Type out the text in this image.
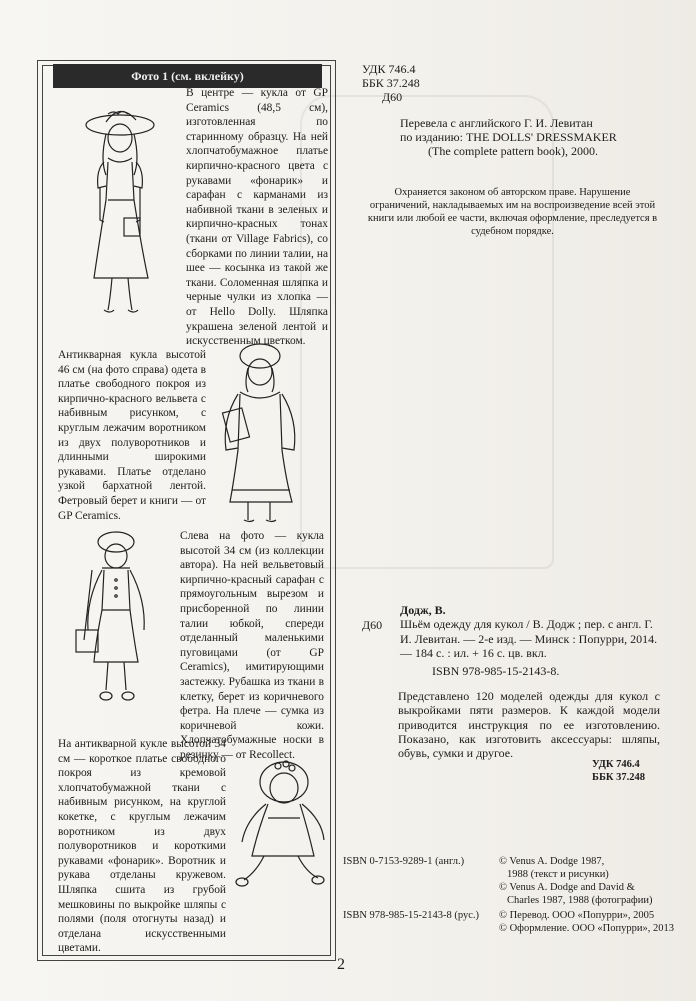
Фото 1 (см. вклейку)
В центре — кукла от GP Ceramics (48,5 см), изготовленная по старинному образцу. На ней хлопчатобумажное платье кирпично-красного цвета с рукавами «фонарик» и сарафан с карманами из набивной ткани в зеленых и кирпично-красных тонах (ткани от Village Fabrics), со сборками по линии талии, на шее — косынка из такой же ткани. Соломенная шляпка и черные чулки из хлопка — от Hello Dolly. Шляпка украшена зеленой лентой и искусственным цветком.
Антикварная кукла высотой 46 см (на фото справа) одета в платье свободного покроя из кирпично-красного вельвета с набивным рисунком, с круглым лежачим воротником из двух полуворотников и длинными широкими рукавами. Платье отделано узкой бархатной лентой. Фетровый берет и книги — от GP Ceramics.
Слева на фото — кукла высотой 34 см (из коллекции автора). На ней вельветовый кирпично-красный сарафан с прямоугольным вырезом и присборенной по линии талии юбкой, спереди отделанный маленькими пуговицами (от GP Ceramics), имитирующими застежку. Рубашка из ткани в клетку, берет из коричневого фетра. На плече — сумка из коричневой кожи. Хлопчатобумажные носки в резинку — от Recollect.
На антикварной кукле высотой 34 см — короткое платье свободного покроя из кремовой хлопчатобумажной ткани с набивным рисунком, на круглой кокетке, с круглым лежачим воротником из двух полуворотников и короткими рукавами «фонарик». Воротник и рукава отделаны кружевом. Шляпка сшита из грубой мешковины по выкройке шляпы с полями (поля отогнуты назад) и отделана искусственными цветами.
УДК 746.4
ББК 37.248
Д60
Перевела с английского Г. И. Левитан
по изданию: THE DOLLS' DRESSMAKER
(The complete pattern book), 2000.
Охраняется законом об авторском праве. Нарушение ограничений, накладываемых им на воспроизведение всей этой книги или любой ее части, включая оформление, преследуется в судебном порядке.
Д60
Додж, В.
Шьём одежду для кукол / В. Додж ; пер. с англ. Г. И. Левитан. — 2-е изд. — Минск : Попурри, 2014. — 184 с. : ил. + 16 с. цв. вкл.
ISBN 978-985-15-2143-8.
Представлено 120 моделей одежды для кукол с выкройками пяти размеров. К каждой модели приводится инструкция по ее изготовлению. Показано, как изготовить аксессуары: шляпы, обувь, сумки и другое.
УДК 746.4
ББК 37.248
ISBN 0-7153-9289-1 (англ.)
ISBN 978-985-15-2143-8 (рус.)
© Venus A. Dodge 1987,
1988 (текст и рисунки)
© Venus A. Dodge and David &
Charles 1987, 1988 (фотографии)
© Перевод. ООО «Попурри», 2005
© Оформление. ООО «Попурри», 2013
2
